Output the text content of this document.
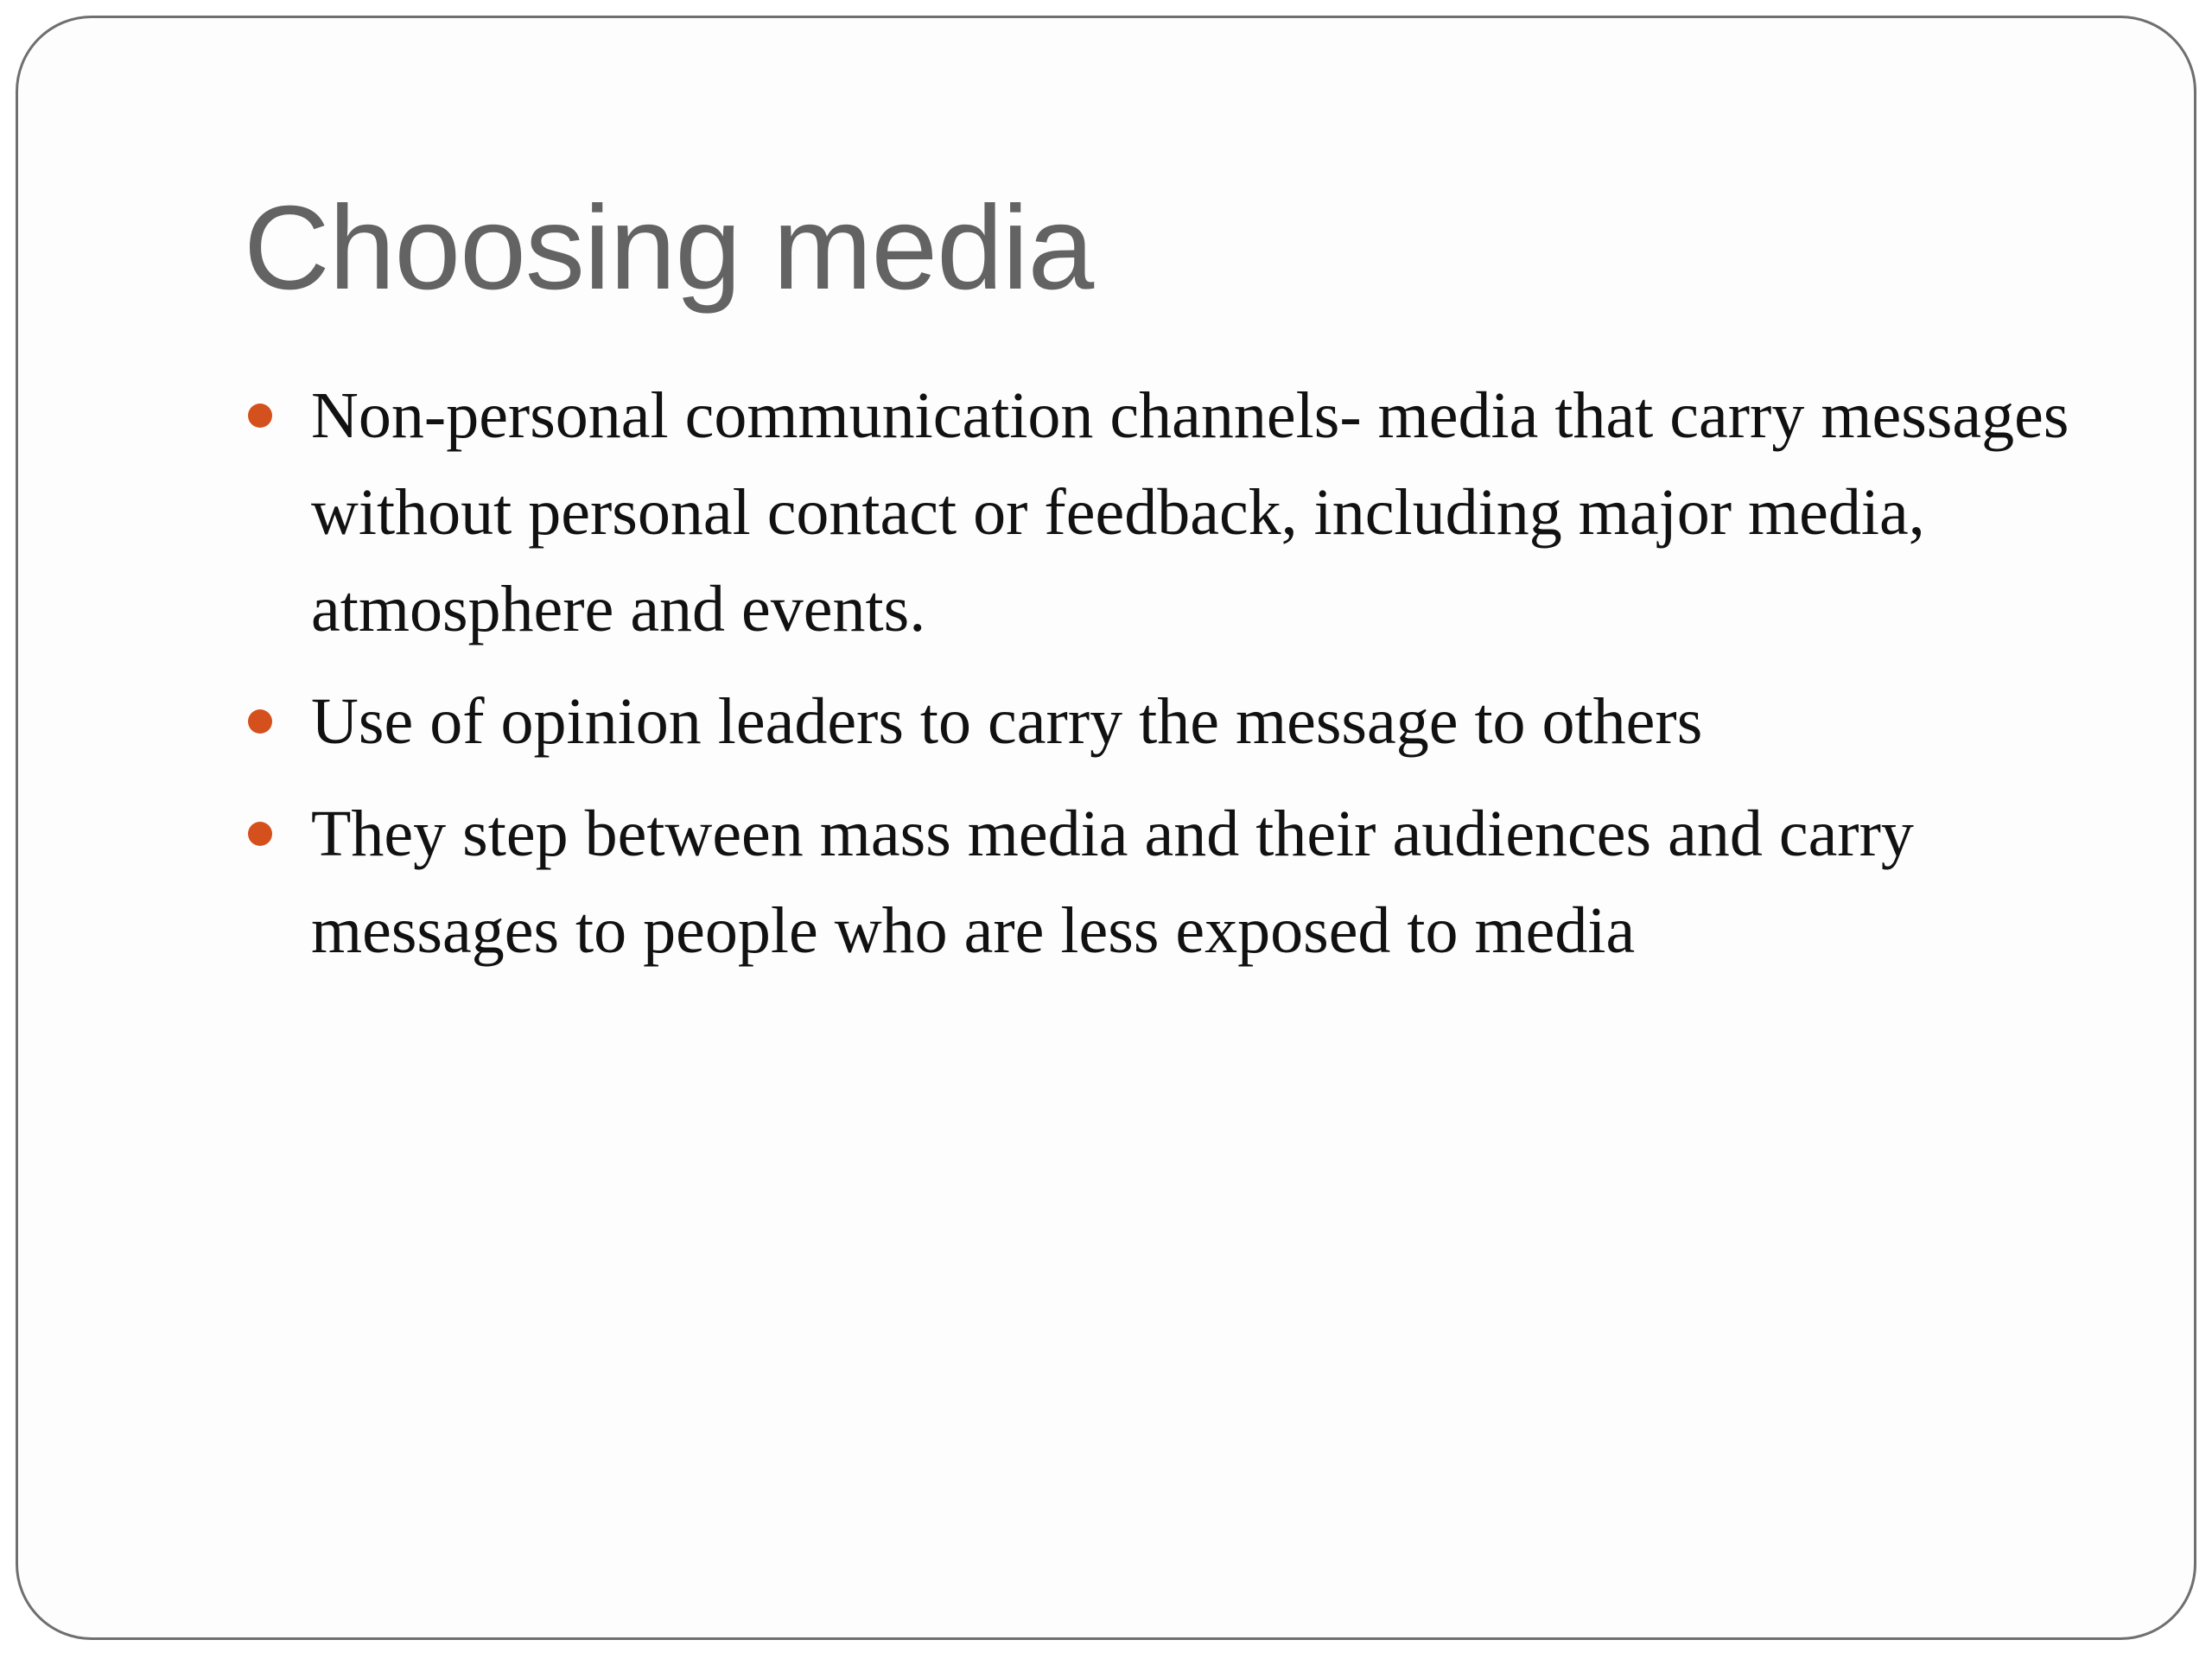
Choosing media
Non-personal communication channels- media that carry messages without personal contact or feedback, including major media, atmosphere and events.
Use of opinion leaders to carry the message to others
They step between mass media and their audiences and carry messages to people who are less exposed to media
